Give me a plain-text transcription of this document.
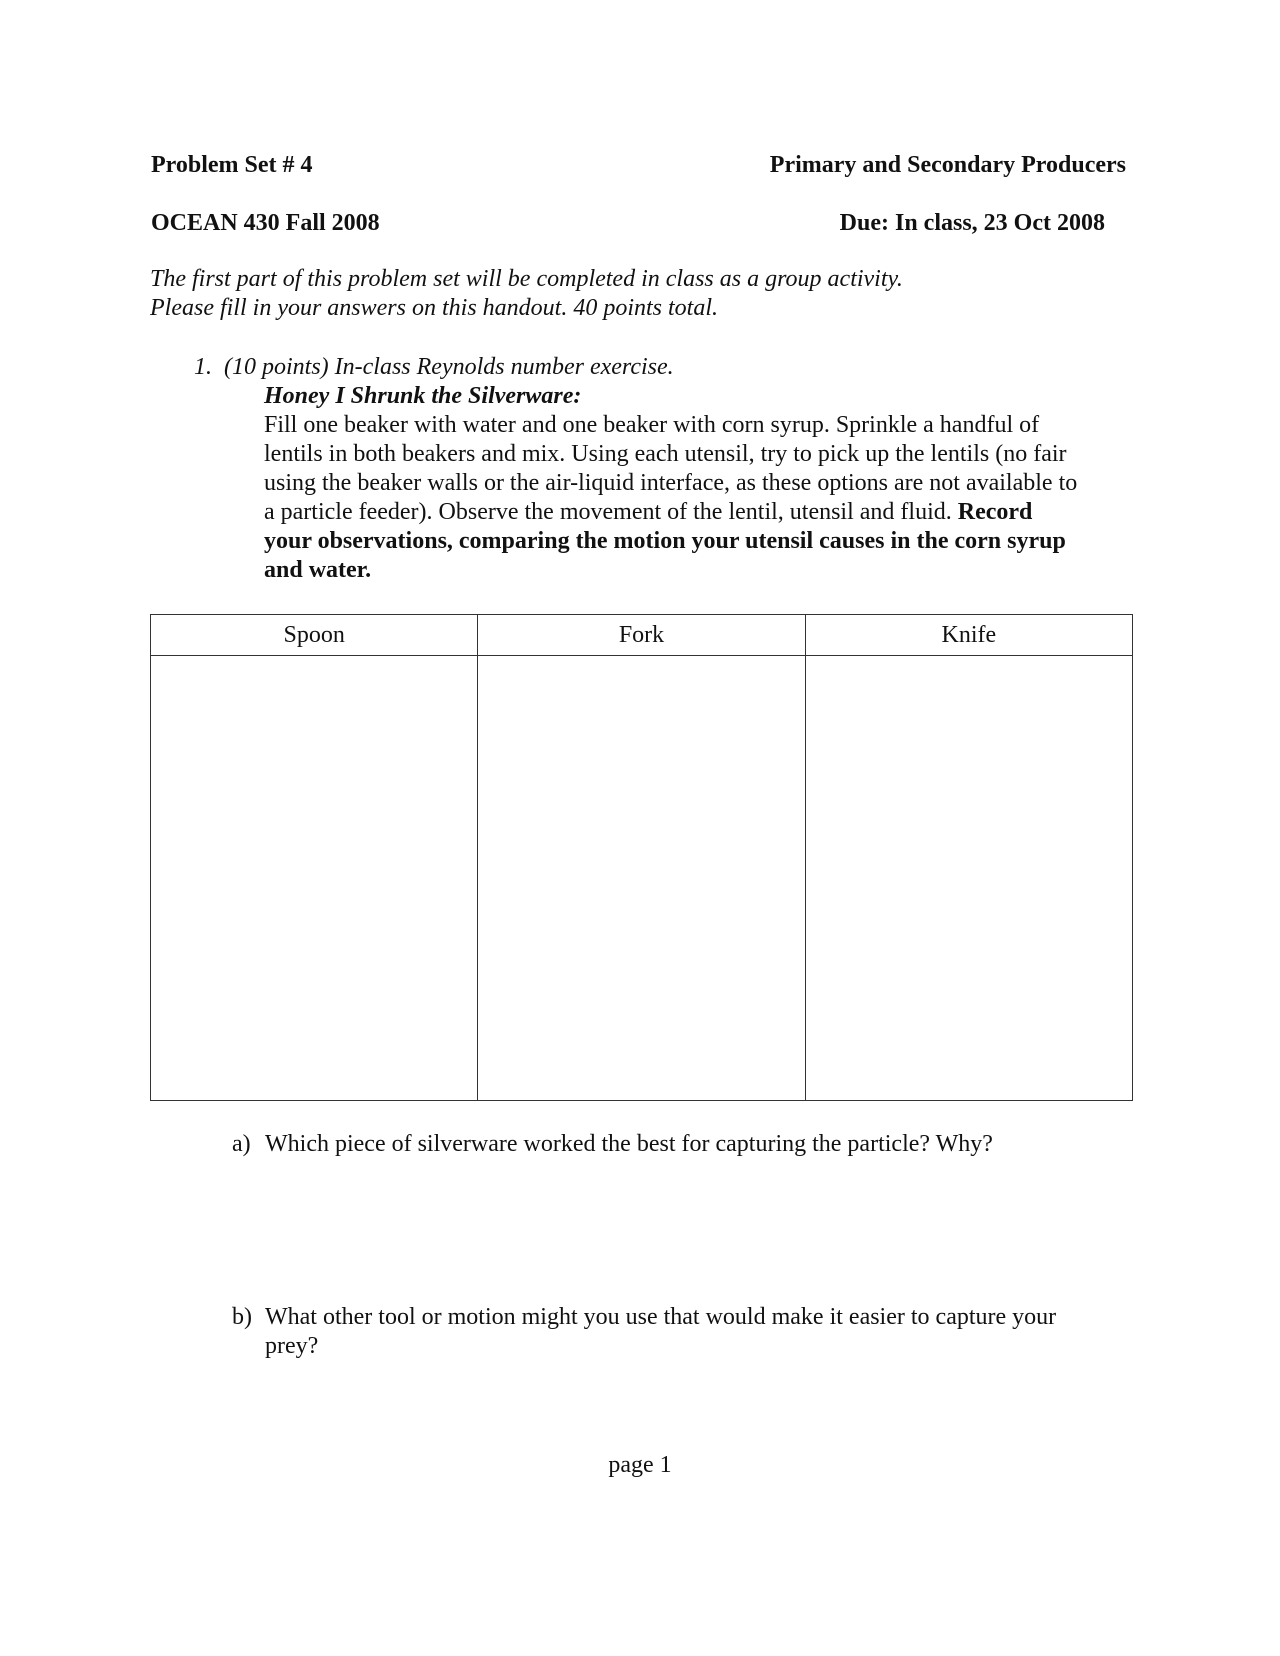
Problem Set # 4	Primary and Secondary Producers
OCEAN 430 Fall 2008	Due: In class, 23 Oct 2008
The first part of this problem set will be completed in class as a group activity.
Please fill in your answers on this handout. 40 points total.
1. (10 points) In-class Reynolds number exercise.
Honey I Shrunk the Silverware:
Fill one beaker with water and one beaker with corn syrup. Sprinkle a handful of
lentils in both beakers and mix. Using each utensil, try to pick up the lentils (no fair
using the beaker walls or the air-liquid interface, as these options are not available to
a particle feeder). Observe the movement of the lentil, utensil and fluid. Record
your observations, comparing the motion your utensil causes in the corn syrup
and water.
Spoon	Fork	Knife

a) Which piece of silverware worked the best for capturing the particle? Why?
b) What other tool or motion might you use that would make it easier to capture your
prey?
page 1
